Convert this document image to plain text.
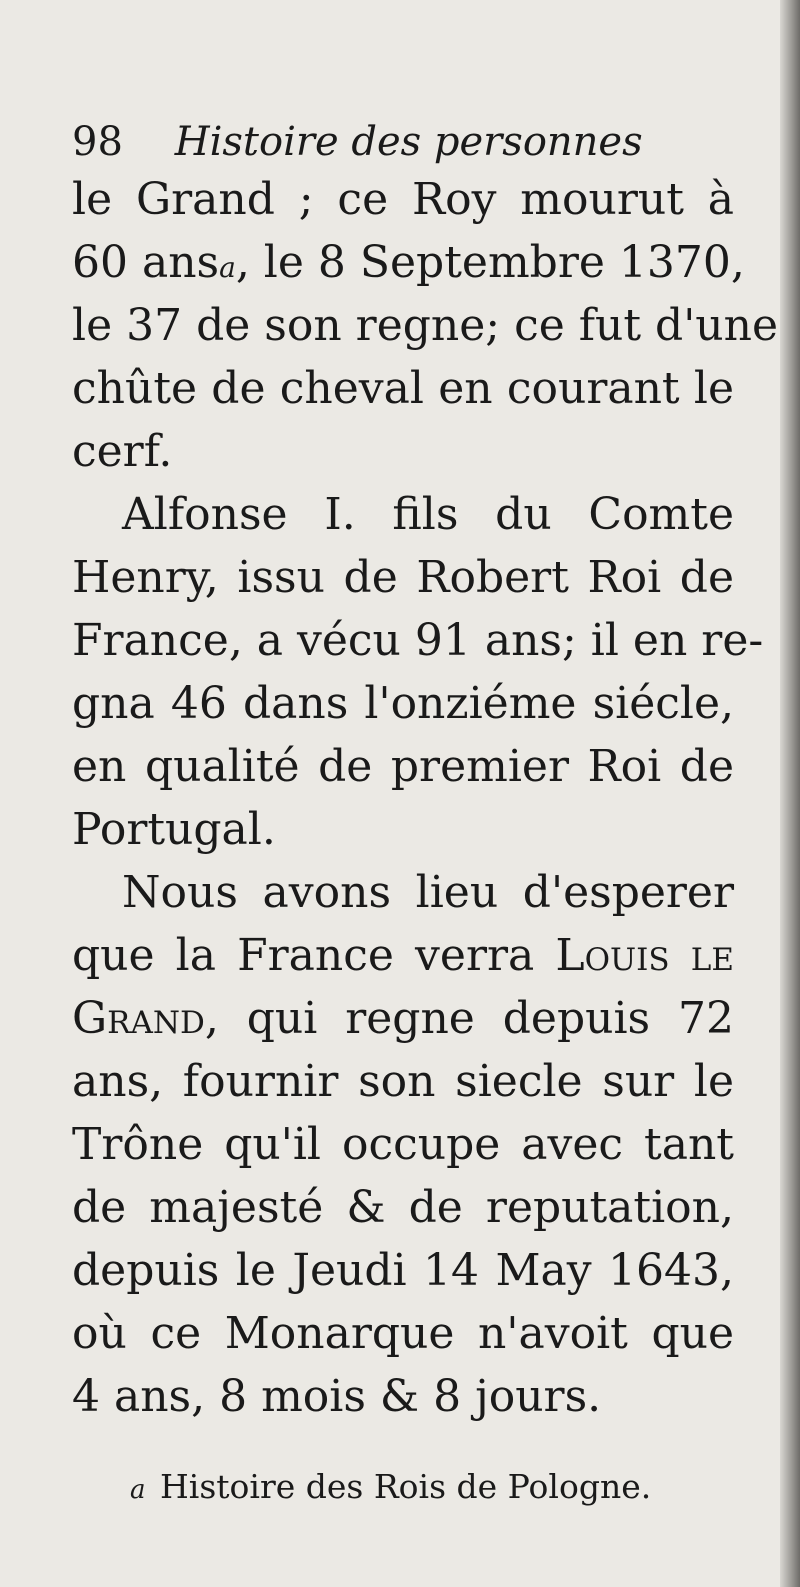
98 Histoire des personnes
le Grand ; ce Roy mourut à
60 ansa, le 8 Septembre 1370,
le 37 de son regne; ce fut d'une
chûte de cheval en courant le
cerf.
Alfonse I. fils du Comte
Henry, issu de Robert Roi de
France, a vécu 91 ans; il en re-
gna 46 dans l'onziéme siécle,
en qualité de premier Roi de
Portugal.
Nous avons lieu d'esperer
que la France verra Louis le
Grand, qui regne depuis 72
ans, fournir son siecle sur le
Trône qu'il occupe avec tant
de majesté & de reputation,
depuis le Jeudi 14 May 1643,
où ce Monarque n'avoit que
4 ans, 8 mois & 8 jours.
a Histoire des Rois de Pologne.
